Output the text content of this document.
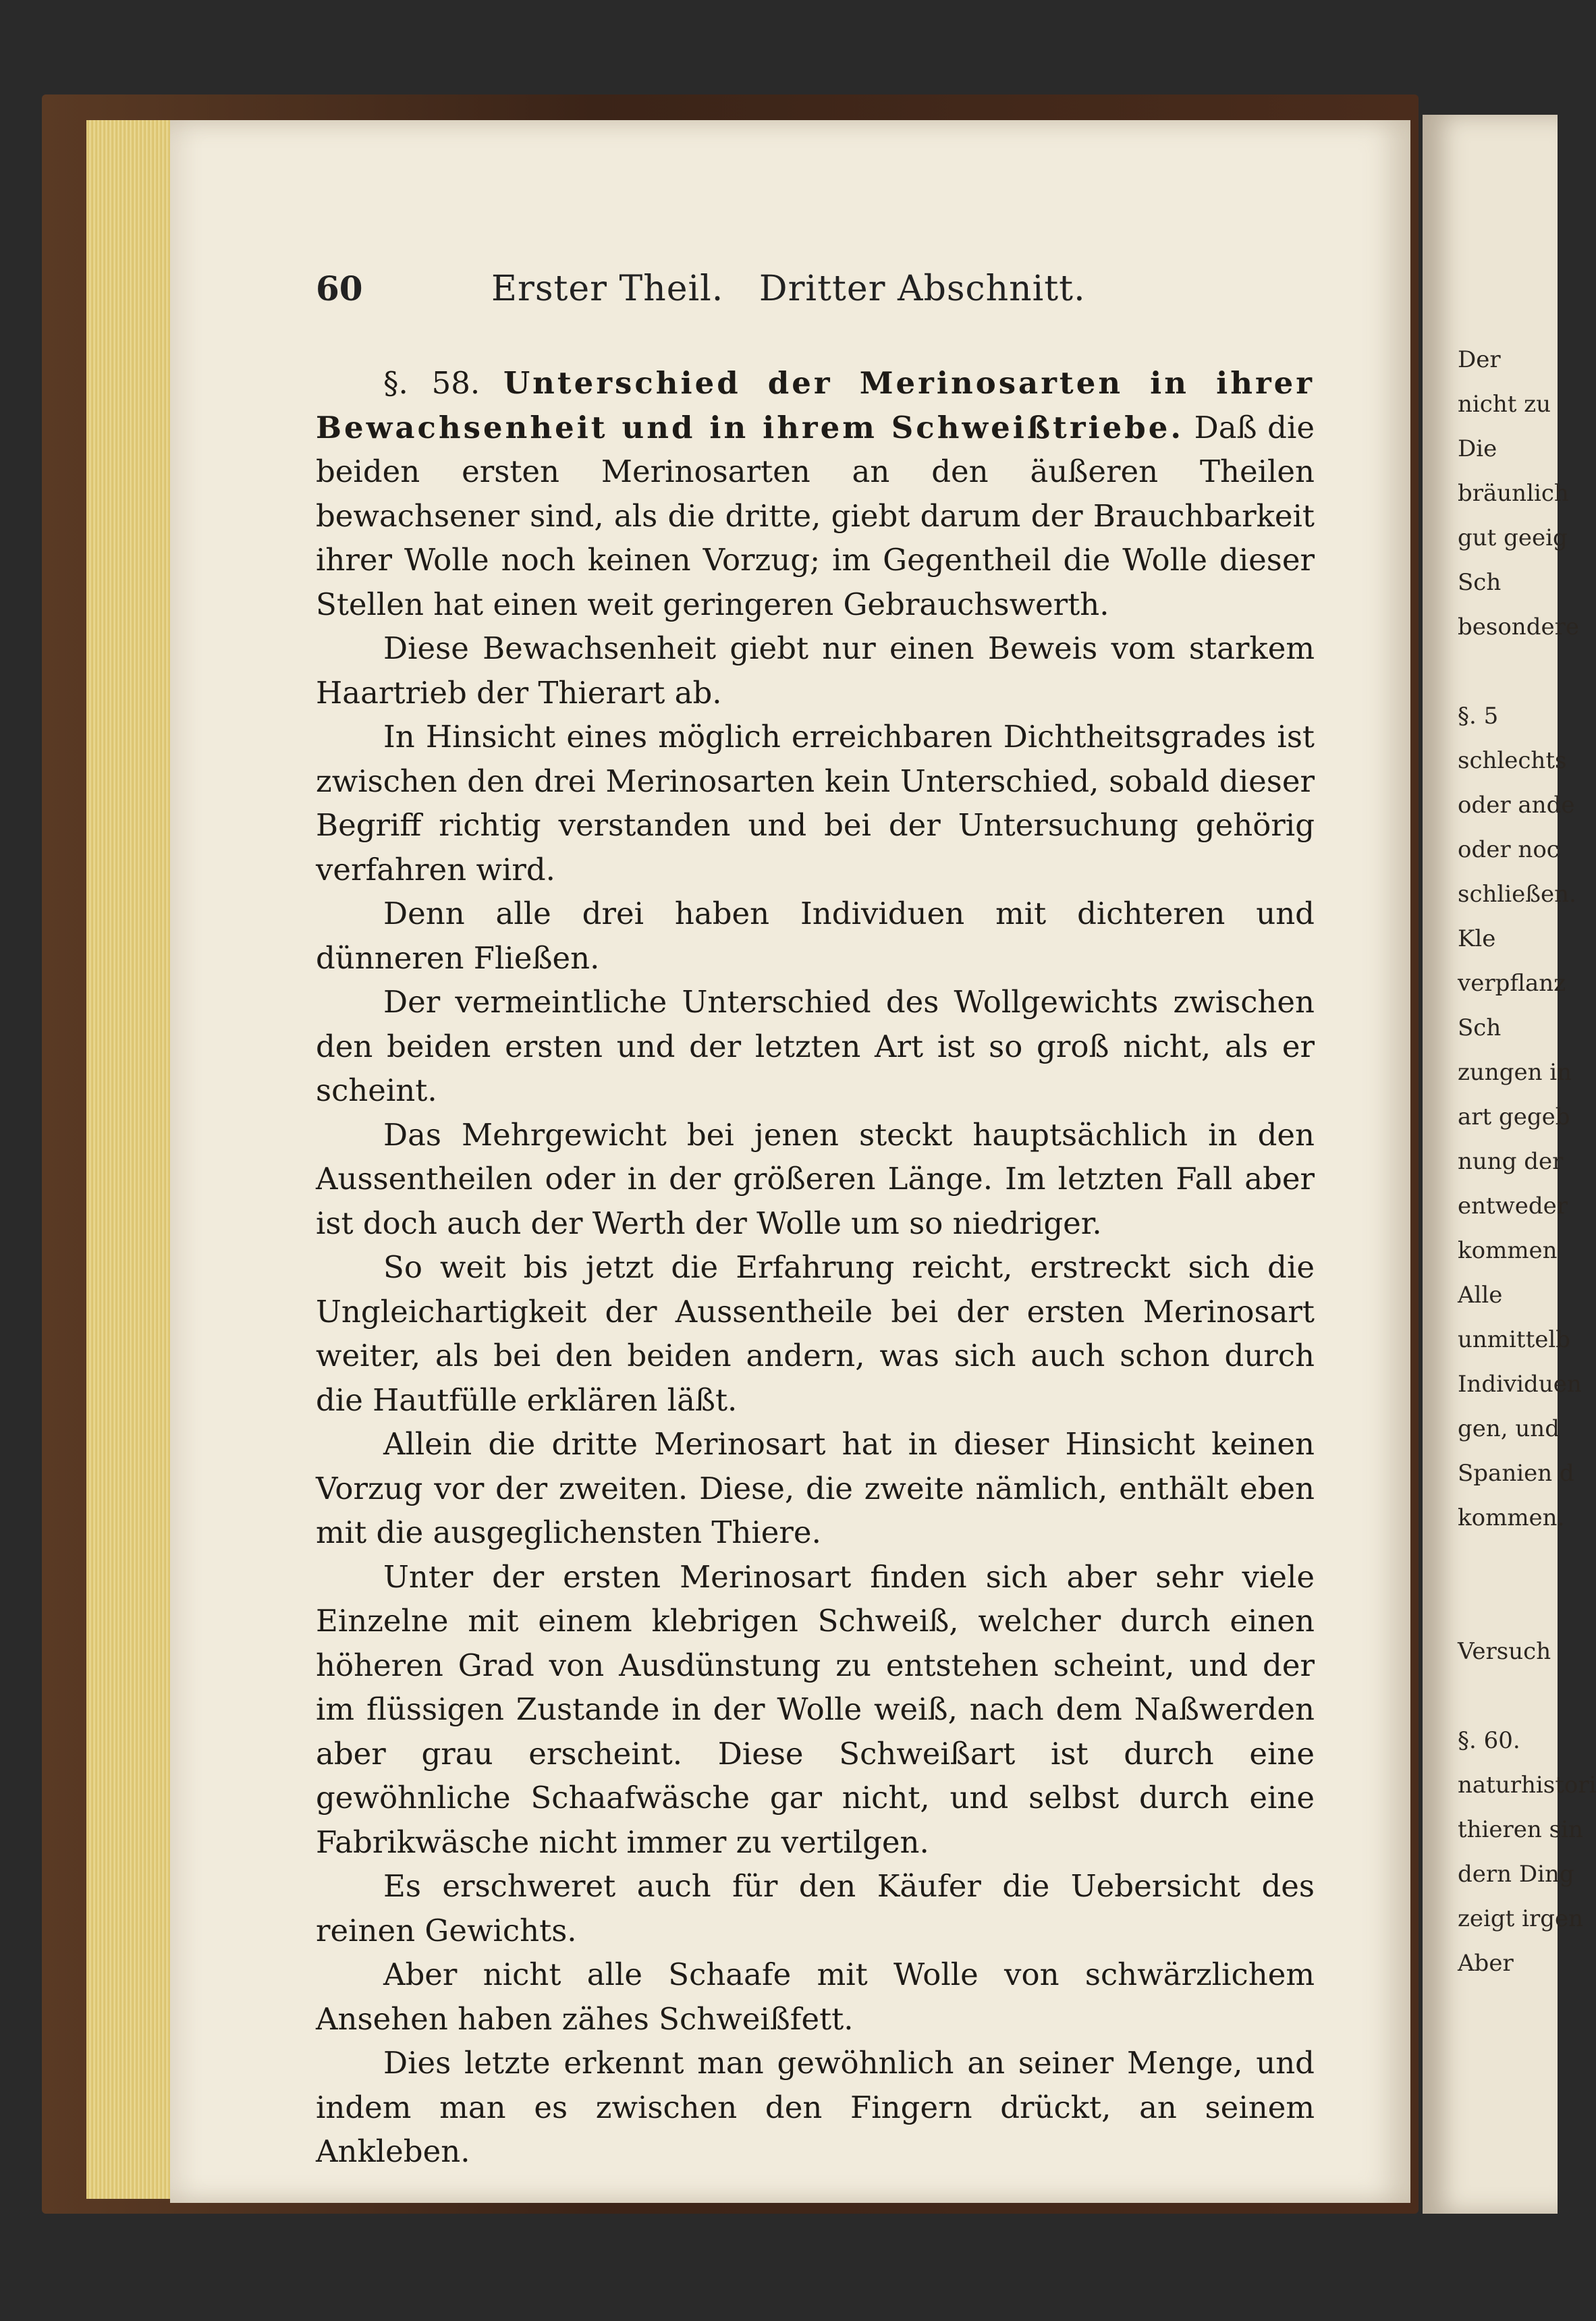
60	Erster Theil.   Dritter Abschnitt.

§. 58. Unterschied der Merinosarten in ihrer Bewachsenheit und in ihrem Schweißtriebe. Daß die beiden ersten Merinosarten an den äußeren Theilen bewachsener sind, als die dritte, giebt darum der Brauchbarkeit ihrer Wolle noch keinen Vorzug; im Gegentheil die Wolle dieser Stellen hat einen weit geringeren Gebrauchswerth.

Diese Bewachsenheit giebt nur einen Beweis vom starkem Haartrieb der Thierart ab.

In Hinsicht eines möglich erreichbaren Dichtheitsgrades ist zwischen den drei Merinosarten kein Unterschied, sobald dieser Begriff richtig verstanden und bei der Untersuchung gehörig verfahren wird.

Denn alle drei haben Individuen mit dichteren und dünneren Fließen.

Der vermeintliche Unterschied des Wollgewichts zwischen den beiden ersten und der letzten Art ist so groß nicht, als er scheint.

Das Mehrgewicht bei jenen steckt hauptsächlich in den Aussentheilen oder in der größeren Länge. Im letzten Fall aber ist doch auch der Werth der Wolle um so niedriger.

So weit bis jetzt die Erfahrung reicht, erstreckt sich die Ungleichartigkeit der Aussentheile bei der ersten Merinosart weiter, als bei den beiden andern, was sich auch schon durch die Hautfülle erklären läßt.

Allein die dritte Merinosart hat in dieser Hinsicht keinen Vorzug vor der zweiten. Diese, die zweite nämlich, enthält eben mit die ausgeglichensten Thiere.

Unter der ersten Merinosart finden sich aber sehr viele Einzelne mit einem klebrigen Schweiß, welcher durch einen höheren Grad von Ausdünstung zu entstehen scheint, und der im flüssigen Zustande in der Wolle weiß, nach dem Naßwerden aber grau erscheint. Diese Schweißart ist durch eine gewöhnliche Schaafwäsche gar nicht, und selbst durch eine Fabrikwäsche nicht immer zu vertilgen.

Es erschweret auch für den Käufer die Uebersicht des reinen Gewichts.

Aber nicht alle Schaafe mit Wolle von schwärzlichem Ansehen haben zähes Schweißfett.

Dies letzte erkennt man gewöhnlich an seiner Menge, und indem man es zwischen den Fingern drückt, an seinem Ankleben.

Der
nicht zu
Die
bräunlich
gut geeig
Sch
besondere

§. 5
schlechts
oder ande
oder noc
schließen.
Kle
verpflanz
Sch
zungen in
art gegeb
nung der
entweder
kommen
Alle
unmittelb
Individuen
gen, und
Spanien d
kommen.

Versuch

§. 60.
naturhistori
thieren sin
dern Ding
zeigt irgen
Aber
